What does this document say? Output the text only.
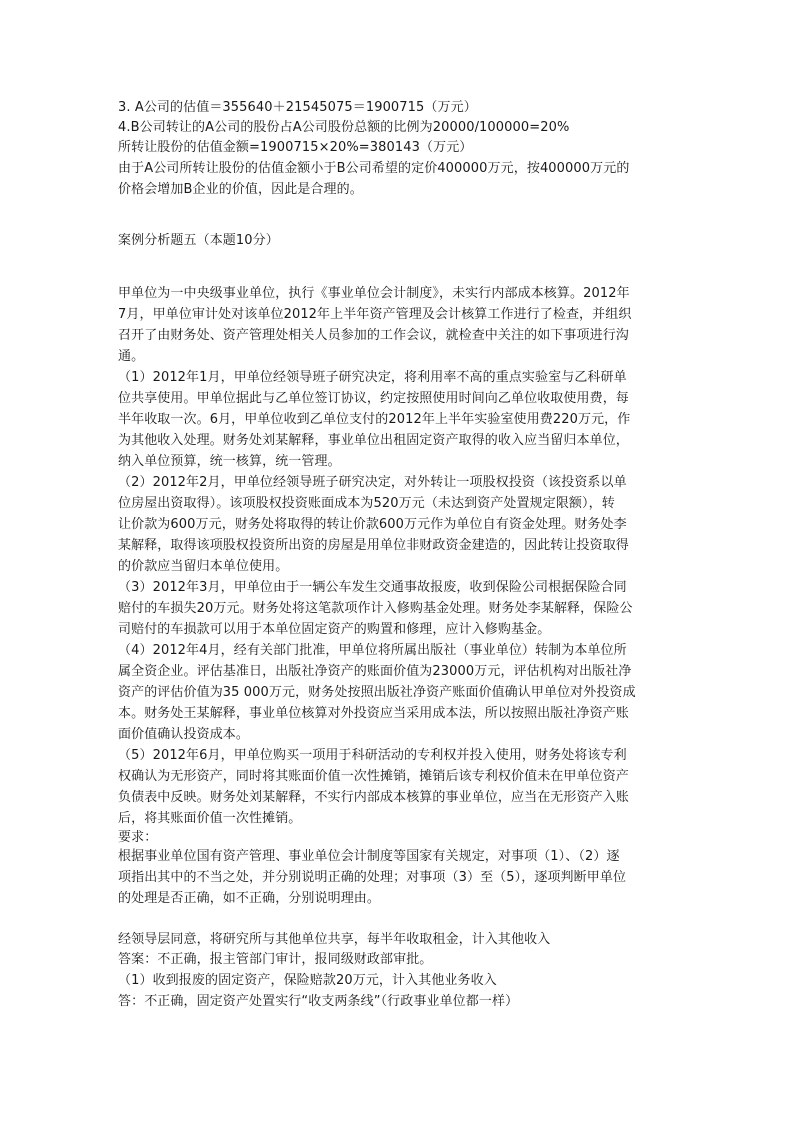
3. A公司的估值＝355640＋21545075＝1900715（万元）
4.B公司转让的A公司的股份占A公司股份总额的比例为20000/100000=20%
所转让股份的估值金额=1900715×20%=380143（万元）
由于A公司所转让股份的估值金额小于B公司希望的定价400000万元，按400000万元的
价格会增加B企业的价值，因此是合理的。
案例分析题五（本题10分）
甲单位为一中央级事业单位，执行《事业单位会计制度》，未实行内部成本核算。2012年
7月，甲单位审计处对该单位2012年上半年资产管理及会计核算工作进行了检查，并组织
召开了由财务处、资产管理处相关人员参加的工作会议，就检查中关注的如下事项进行沟
通。
（1）2012年1月，甲单位经领导班子研究决定，将利用率不高的重点实验室与乙科研单
位共享使用。甲单位据此与乙单位签订协议，约定按照使用时间向乙单位收取使用费，每
半年收取一次。6月，甲单位收到乙单位支付的2012年上半年实验室使用费220万元，作
为其他收入处理。财务处刘某解释，事业单位出租固定资产取得的收入应当留归本单位，
纳入单位预算，统一核算，统一管理。
（2）2012年2月，甲单位经领导班子研究决定，对外转让一项股权投资（该投资系以单
位房屋出资取得）。该项股权投资账面成本为520万元（未达到资产处置规定限额），转
让价款为600万元，财务处将取得的转让价款600万元作为单位自有资金处理。财务处李
某解释，取得该项股权投资所出资的房屋是用单位非财政资金建造的，因此转让投资取得
的价款应当留归本单位使用。
（3）2012年3月，甲单位由于一辆公车发生交通事故报废，收到保险公司根据保险合同
赔付的车损失20万元。财务处将这笔款项作计入修购基金处理。财务处李某解释，保险公
司赔付的车损款可以用于本单位固定资产的购置和修理，应计入修购基金。
（4）2012年4月，经有关部门批准，甲单位将所属出版社（事业单位）转制为本单位所
属全资企业。评估基准日，出版社净资产的账面价值为23000万元，评估机构对出版社净
资产的评估价值为35 000万元，财务处按照出版社净资产账面价值确认甲单位对外投资成
本。财务处王某解释，事业单位核算对外投资应当采用成本法，所以按照出版社净资产账
面价值确认投资成本。
（5）2012年6月，甲单位购买一项用于科研活动的专利权并投入使用，财务处将该专利
权确认为无形资产，同时将其账面价值一次性摊销，摊销后该专利权价值未在甲单位资产
负债表中反映。财务处刘某解释，不实行内部成本核算的事业单位，应当在无形资产入账
后，将其账面价值一次性摊销。
要求：
根据事业单位国有资产管理、事业单位会计制度等国家有关规定，对事项（1）、（2）逐
项指出其中的不当之处，并分别说明正确的处理；对事项（3）至（5），逐项判断甲单位
的处理是否正确，如不正确，分别说明理由。
经领导层同意，将研究所与其他单位共享，每半年收取租金，计入其他收入
答案：不正确，报主管部门审计，报同级财政部审批。
（1）收到报废的固定资产，保险赔款20万元，计入其他业务收入
答：不正确，固定资产处置实行“收支两条线”（行政事业单位都一样）
